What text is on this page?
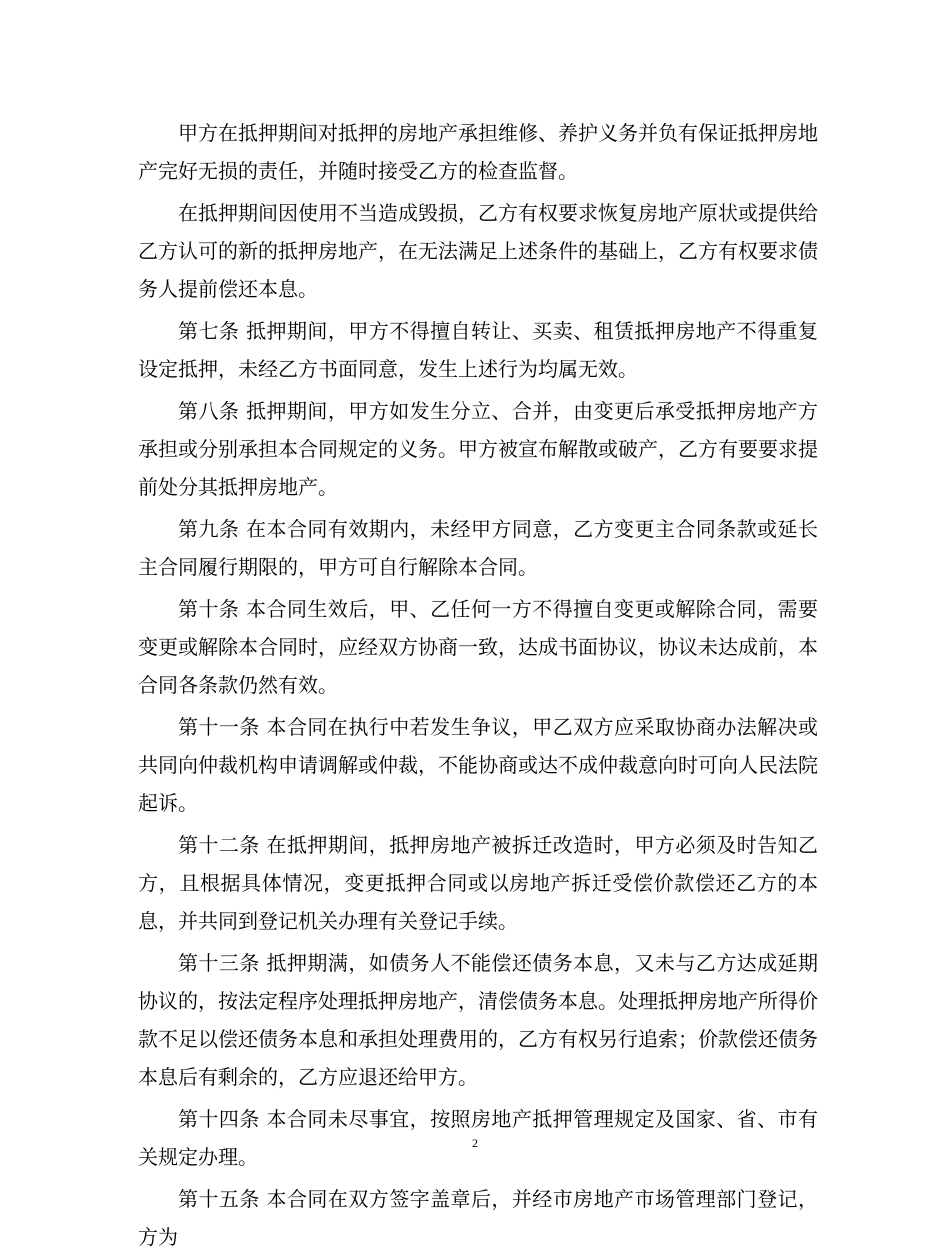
甲方在抵押期间对抵押的房地产承担维修、养护义务并负有保证抵押房地产完好无损的责任，并随时接受乙方的检查监督。

在抵押期间因使用不当造成毁损，乙方有权要求恢复房地产原状或提供给乙方认可的新的抵押房地产，在无法满足上述条件的基础上，乙方有权要求债务人提前偿还本息。

第七条 抵押期间，甲方不得擅自转让、买卖、租赁抵押房地产不得重复设定抵押，未经乙方书面同意，发生上述行为均属无效。

第八条 抵押期间，甲方如发生分立、合并，由变更后承受抵押房地产方承担或分别承担本合同规定的义务。甲方被宣布解散或破产，乙方有要要求提前处分其抵押房地产。

第九条 在本合同有效期内，未经甲方同意，乙方变更主合同条款或延长主合同履行期限的，甲方可自行解除本合同。

第十条 本合同生效后，甲、乙任何一方不得擅自变更或解除合同，需要变更或解除本合同时，应经双方协商一致，达成书面协议，协议未达成前，本合同各条款仍然有效。

第十一条 本合同在执行中若发生争议，甲乙双方应采取协商办法解决或共同向仲裁机构申请调解或仲裁，不能协商或达不成仲裁意向时可向人民法院起诉。

第十二条 在抵押期间，抵押房地产被拆迁改造时，甲方必须及时告知乙方，且根据具体情况，变更抵押合同或以房地产拆迁受偿价款偿还乙方的本息，并共同到登记机关办理有关登记手续。

第十三条 抵押期满，如债务人不能偿还债务本息，又未与乙方达成延期协议的，按法定程序处理抵押房地产，清偿债务本息。处理抵押房地产所得价款不足以偿还债务本息和承担处理费用的，乙方有权另行追索；价款偿还债务本息后有剩余的，乙方应退还给甲方。

第十四条 本合同未尽事宜，按照房地产抵押管理规定及国家、省、市有关规定办理。

第十五条 本合同在双方签字盖章后，并经市房地产市场管理部门登记，方为

2
